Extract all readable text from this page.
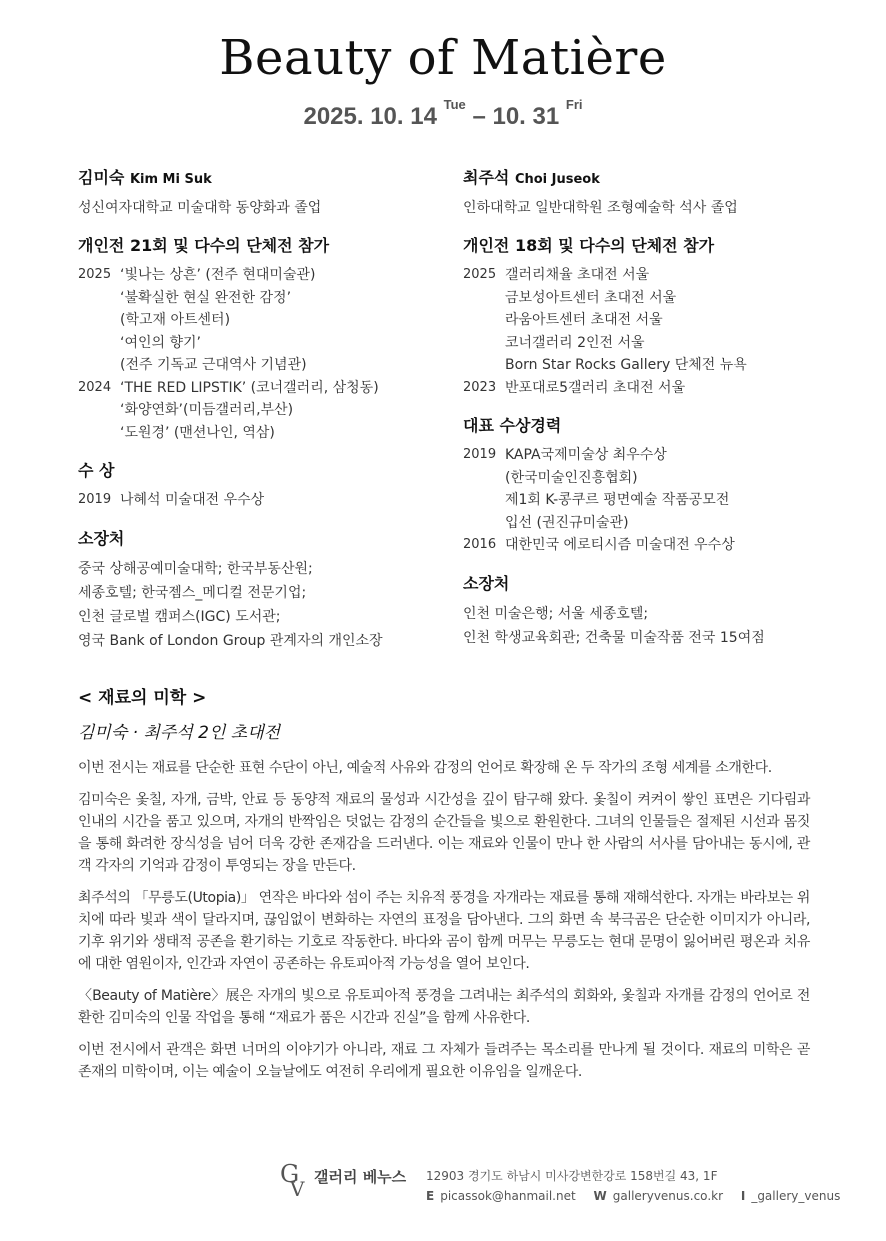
Beauty of Matière
2025. 10. 14 $^{Tue}$ – 10. 31 $^{Fri}$
김미숙 Kim Mi Suk
성신여자대학교 미술대학 동양화과 졸업
개인전 21회 및 다수의 단체전 참가
2025 ‘빛나는 상흔’ (전주 현대미술관)
‘불확실한 현실 완전한 감정’
(학고재 아트센터)
‘여인의 향기’
(전주 기독교 근대역사 기념관)
2024 ‘THE RED LIPSTIK’ (코너갤러리, 삼청동)
‘화양연화’(미듬갤러리,부산)
‘도원경’ (맨션나인, 역삼)
수 상
2019 나혜석 미술대전 우수상
소장처
중국 상해공예미술대학; 한국부동산원;
세종호텔; 한국젬스_메디컬 전문기업;
인천 글로벌 캠퍼스(IGC) 도서관;
영국 Bank of London Group 관계자의 개인소장
최주석 Choi Juseok
인하대학교 일반대학원 조형예술학 석사 졸업
개인전 18회 및 다수의 단체전 참가
2025 갤러리채율 초대전 서울
금보성아트센터 초대전 서울
라움아트센터 초대전 서울
코너갤러리 2인전 서울
Born Star Rocks Gallery 단체전 뉴욕
2023 반포대로5갤러리 초대전 서울
대표 수상경력
2019 KAPA국제미술상 최우수상
(한국미술인진흥협회)
제1회 K-콩쿠르 평면예술 작품공모전
입선 (권진규미술관)
2016 대한민국 에로티시즘 미술대전 우수상
소장처
인천 미술은행; 서울 세종호텔;
인천 학생교육회관; 건축물 미술작품 전국 15여점
< 재료의 미학 >
김미숙 · 최주석 2인 초대전
이번 전시는 재료를 단순한 표현 수단이 아닌, 예술적 사유와 감정의 언어로 확장해 온 두 작가의 조형 세계를 소개한다.
김미숙은 옻칠, 자개, 금박, 안료 등 동양적 재료의 물성과 시간성을 깊이 탐구해 왔다. 옻칠이 켜켜이 쌓인 표면은 기다림과 인내의 시간을 품고 있으며, 자개의 반짝임은 덧없는 감정의 순간들을 빛으로 환원한다. 그녀의 인물들은 절제된 시선과 몸짓을 통해 화려한 장식성을 넘어 더욱 강한 존재감을 드러낸다. 이는 재료와 인물이 만나 한 사람의 서사를 담아내는 동시에, 관객 각자의 기억과 감정이 투영되는 장을 만든다.
최주석의 「무릉도(Utopia)」 연작은 바다와 섬이 주는 치유적 풍경을 자개라는 재료를 통해 재해석한다. 자개는 바라보는 위치에 따라 빛과 색이 달라지며, 끊임없이 변화하는 자연의 표정을 담아낸다. 그의 화면 속 북극곰은 단순한 이미지가 아니라, 기후 위기와 생태적 공존을 환기하는 기호로 작동한다. 바다와 곰이 함께 머무는 무릉도는 현대 문명이 잃어버린 평온과 치유에 대한 염원이자, 인간과 자연이 공존하는 유토피아적 가능성을 열어 보인다.
〈Beauty of Matière〉展은 자개의 빛으로 유토피아적 풍경을 그려내는 최주석의 회화와, 옻칠과 자개를 감정의 언어로 전환한 김미숙의 인물 작업을 통해 “재료가 품은 시간과 진실”을 함께 사유한다.
이번 전시에서 관객은 화면 너머의 이야기가 아니라, 재료 그 자체가 들려주는 목소리를 만나게 될 것이다. 재료의 미학은 곧 존재의 미학이며, 이는 예술이 오늘날에도 여전히 우리에게 필요한 이유임을 일깨운다.
G
V 갤러리 베누스 12903 경기도 하남시 미사강변한강로 158번길 43, 1F
E picassok@hanmail.net W galleryvenus.co.kr I _gallery_venus
